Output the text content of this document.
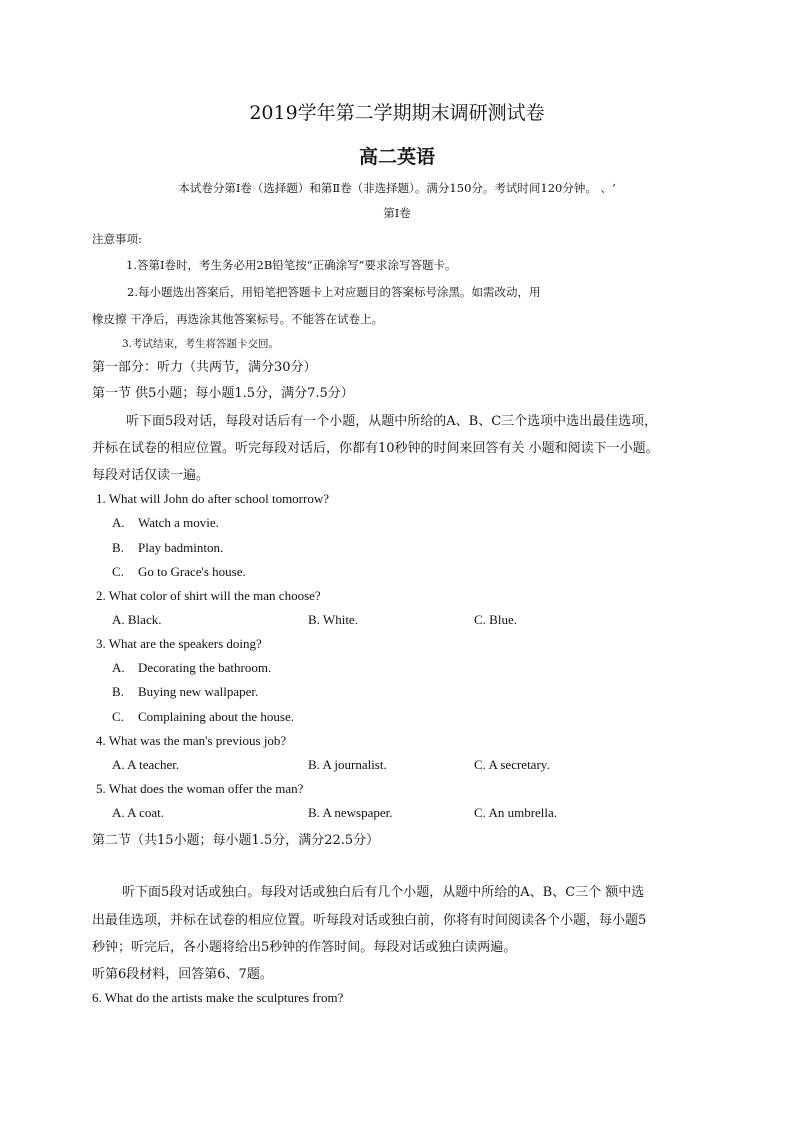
2019学年第二学期期末调研测试卷
高二英语
本试卷分第Ⅰ卷（选择题）和第Ⅱ卷（非选择题）。满分150分。考试时间120分钟。 、‘
第Ⅰ卷
注意事项:
1.答第Ⅰ卷时，考生务必用2B铅笔按“正确涂写”要求涂写答题卡。
2.每小题选出答案后，用铅笔把答题卡上对应题目的答案标号涂黑。如需改动，用
橡皮擦 干净后，再选涂其他答案标号。不能答在试卷上。
3.考试结束，考生将答题卡交回。
第一部分：听力（共两节，满分30分）
第一节 供5小题；每小题1.5分，满分7.5分）
听下面5段对话，每段对话后有一个小题，从题中所给的A、B、C三个选项中选出最佳选项，
并标在试卷的相应位置。听完每段对话后，你都有10秒钟的时间来回答有关 小题和阅读下一小题。
每段对话仅读一遍。
1. What will John do after school tomorrow?
A. Watch a movie.
B. Play badminton.
C. Go to Grace's house.
2. What color of shirt will the man choose?
A. Black.	B. White.	C. Blue.
3. What are the speakers doing?
A. Decorating the bathroom.
B. Buying new wallpaper.
C. Complaining about the house.
4. What was the man's previous job?
A. A teacher.	B. A journalist.	C. A secretary.
5. What does the woman offer the man?
A. A coat.	B. A newspaper.	C. An umbrella.
第二节（共15小题；每小题1.5分，满分22.5分）
听下面5段对话或独白。每段对话或独白后有几个小题，从题中所给的A、B、C三个 额中选
出最佳选项，并标在试卷的相应位置。听每段对话或独白前，你将有时间阅读各个小题，每小题5
秒钟；听完后，各小题将给出5秒钟的作答时间。每段对话或独白读两遍。
听第6段材料，回答第6、7题。
6. What do the artists make the sculptures from?
